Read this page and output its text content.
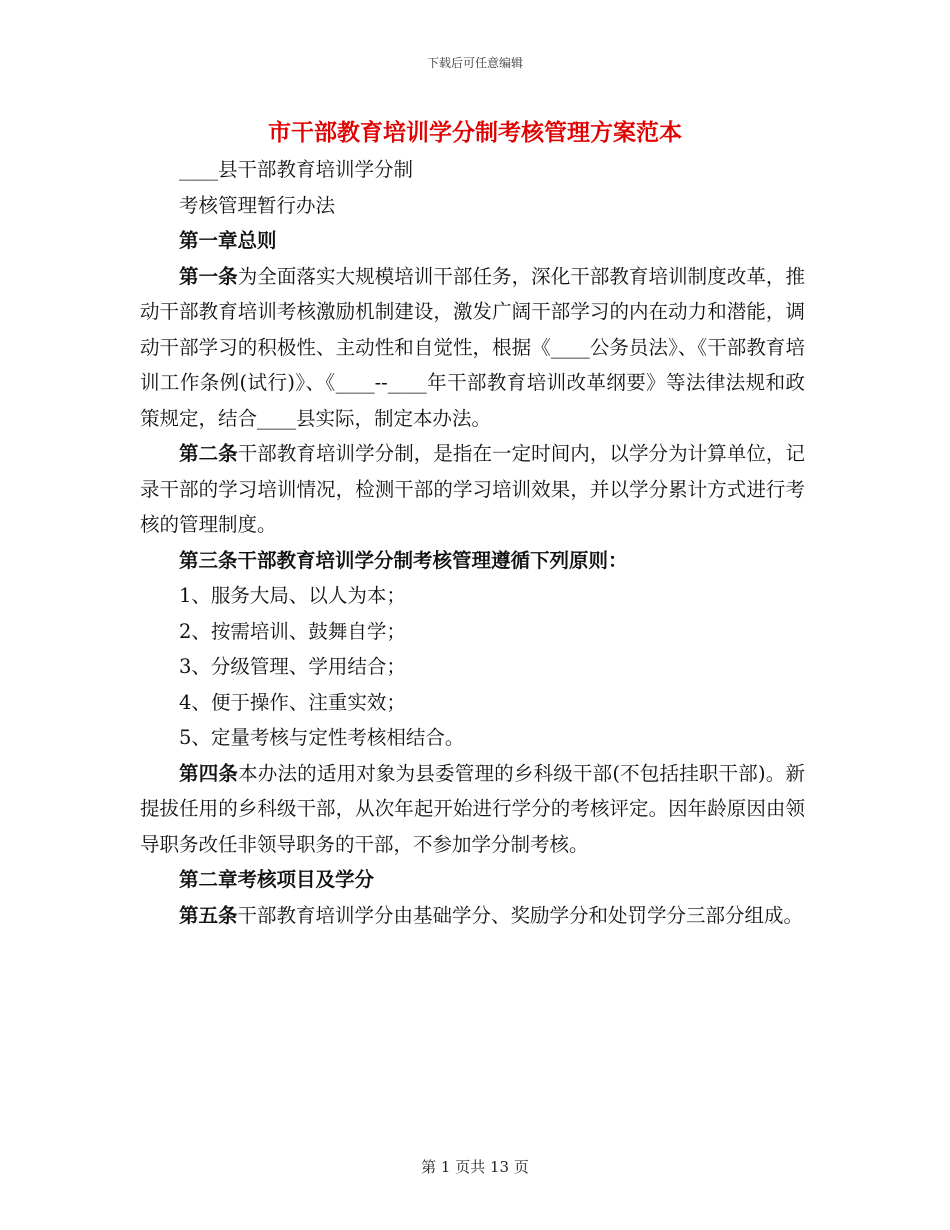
下载后可任意编辑
市干部教育培训学分制考核管理方案范本
____县干部教育培训学分制
考核管理暂行办法
第一章总则
第一条为全面落实大规模培训干部任务，深化干部教育培训制度改革，推动干部教育培训考核激励机制建设，激发广阔干部学习的内在动力和潜能，调动干部学习的积极性、主动性和自觉性，根据《____公务员法》、《干部教育培训工作条例(试行)》、《____--____年干部教育培训改革纲要》等法律法规和政策规定，结合____县实际，制定本办法。
第二条干部教育培训学分制，是指在一定时间内，以学分为计算单位，记录干部的学习培训情况，检测干部的学习培训效果，并以学分累计方式进行考核的管理制度。
第三条干部教育培训学分制考核管理遵循下列原则：
1、服务大局、以人为本；
2、按需培训、鼓舞自学；
3、分级管理、学用结合；
4、便于操作、注重实效；
5、定量考核与定性考核相结合。
第四条本办法的适用对象为县委管理的乡科级干部(不包括挂职干部)。新提拔任用的乡科级干部，从次年起开始进行学分的考核评定。因年龄原因由领导职务改任非领导职务的干部，不参加学分制考核。
第二章考核项目及学分
第五条干部教育培训学分由基础学分、奖励学分和处罚学分三部分组成。
第 1 页共 13 页
